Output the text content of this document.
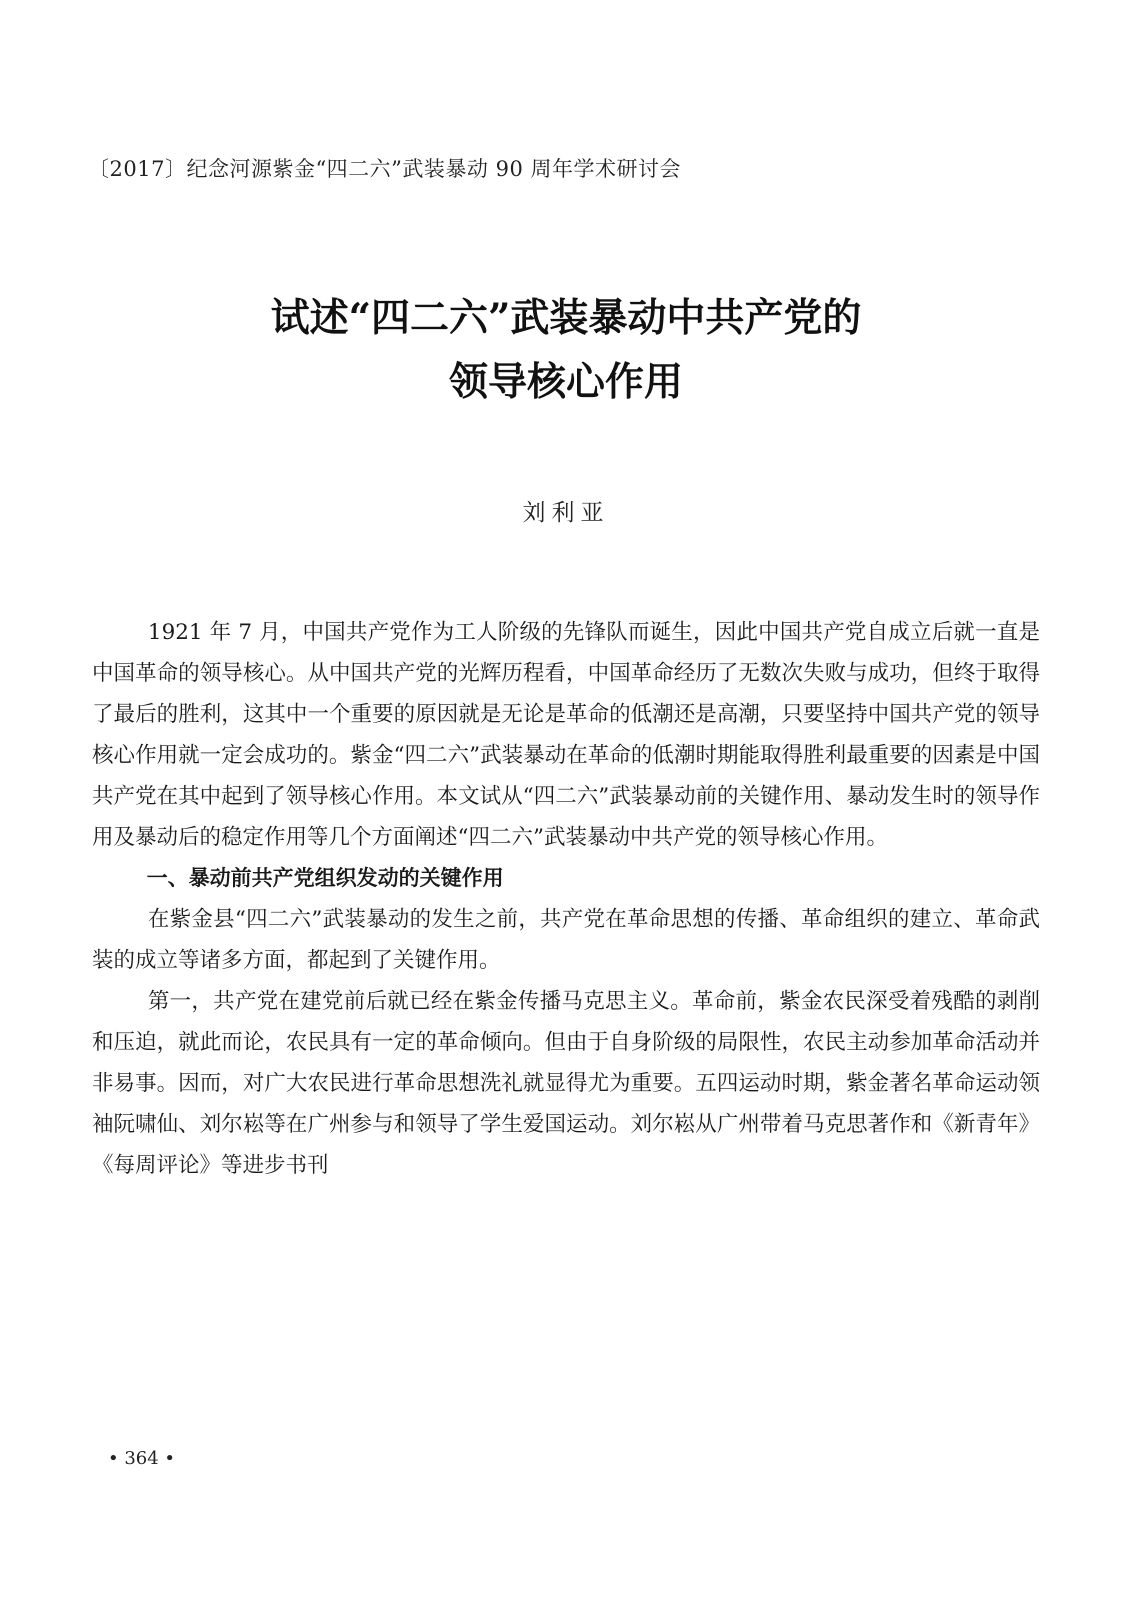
〔2017〕纪念河源紫金“四二六”武装暴动 90 周年学术研讨会
试述“四二六”武装暴动中共产党的
领导核心作用
刘利亚

1921 年 7 月，中国共产党作为工人阶级的先锋队而诞生，因此中国共产党自成立后就一直是中国革命的领导核心。从中国共产党的光辉历程看，中国革命经历了无数次失败与成功，但终于取得了最后的胜利，这其中一个重要的原因就是无论是革命的低潮还是高潮，只要坚持中国共产党的领导核心作用就一定会成功的。紫金“四二六”武装暴动在革命的低潮时期能取得胜利最重要的因素是中国共产党在其中起到了领导核心作用。本文试从“四二六”武装暴动前的关键作用、暴动发生时的领导作用及暴动后的稳定作用等几个方面阐述“四二六”武装暴动中共产党的领导核心作用。

一、暴动前共产党组织发动的关键作用

在紫金县“四二六”武装暴动的发生之前，共产党在革命思想的传播、革命组织的建立、革命武装的成立等诸多方面，都起到了关键作用。

第一，共产党在建党前后就已经在紫金传播马克思主义。革命前，紫金农民深受着残酷的剥削和压迫，就此而论，农民具有一定的革命倾向。但由于自身阶级的局限性，农民主动参加革命活动并非易事。因而，对广大农民进行革命思想洗礼就显得尤为重要。五四运动时期，紫金著名革命运动领袖阮啸仙、刘尔崧等在广州参与和领导了学生爱国运动。刘尔崧从广州带着马克思著作和《新青年》《每周评论》等进步书刊

• 364 •
